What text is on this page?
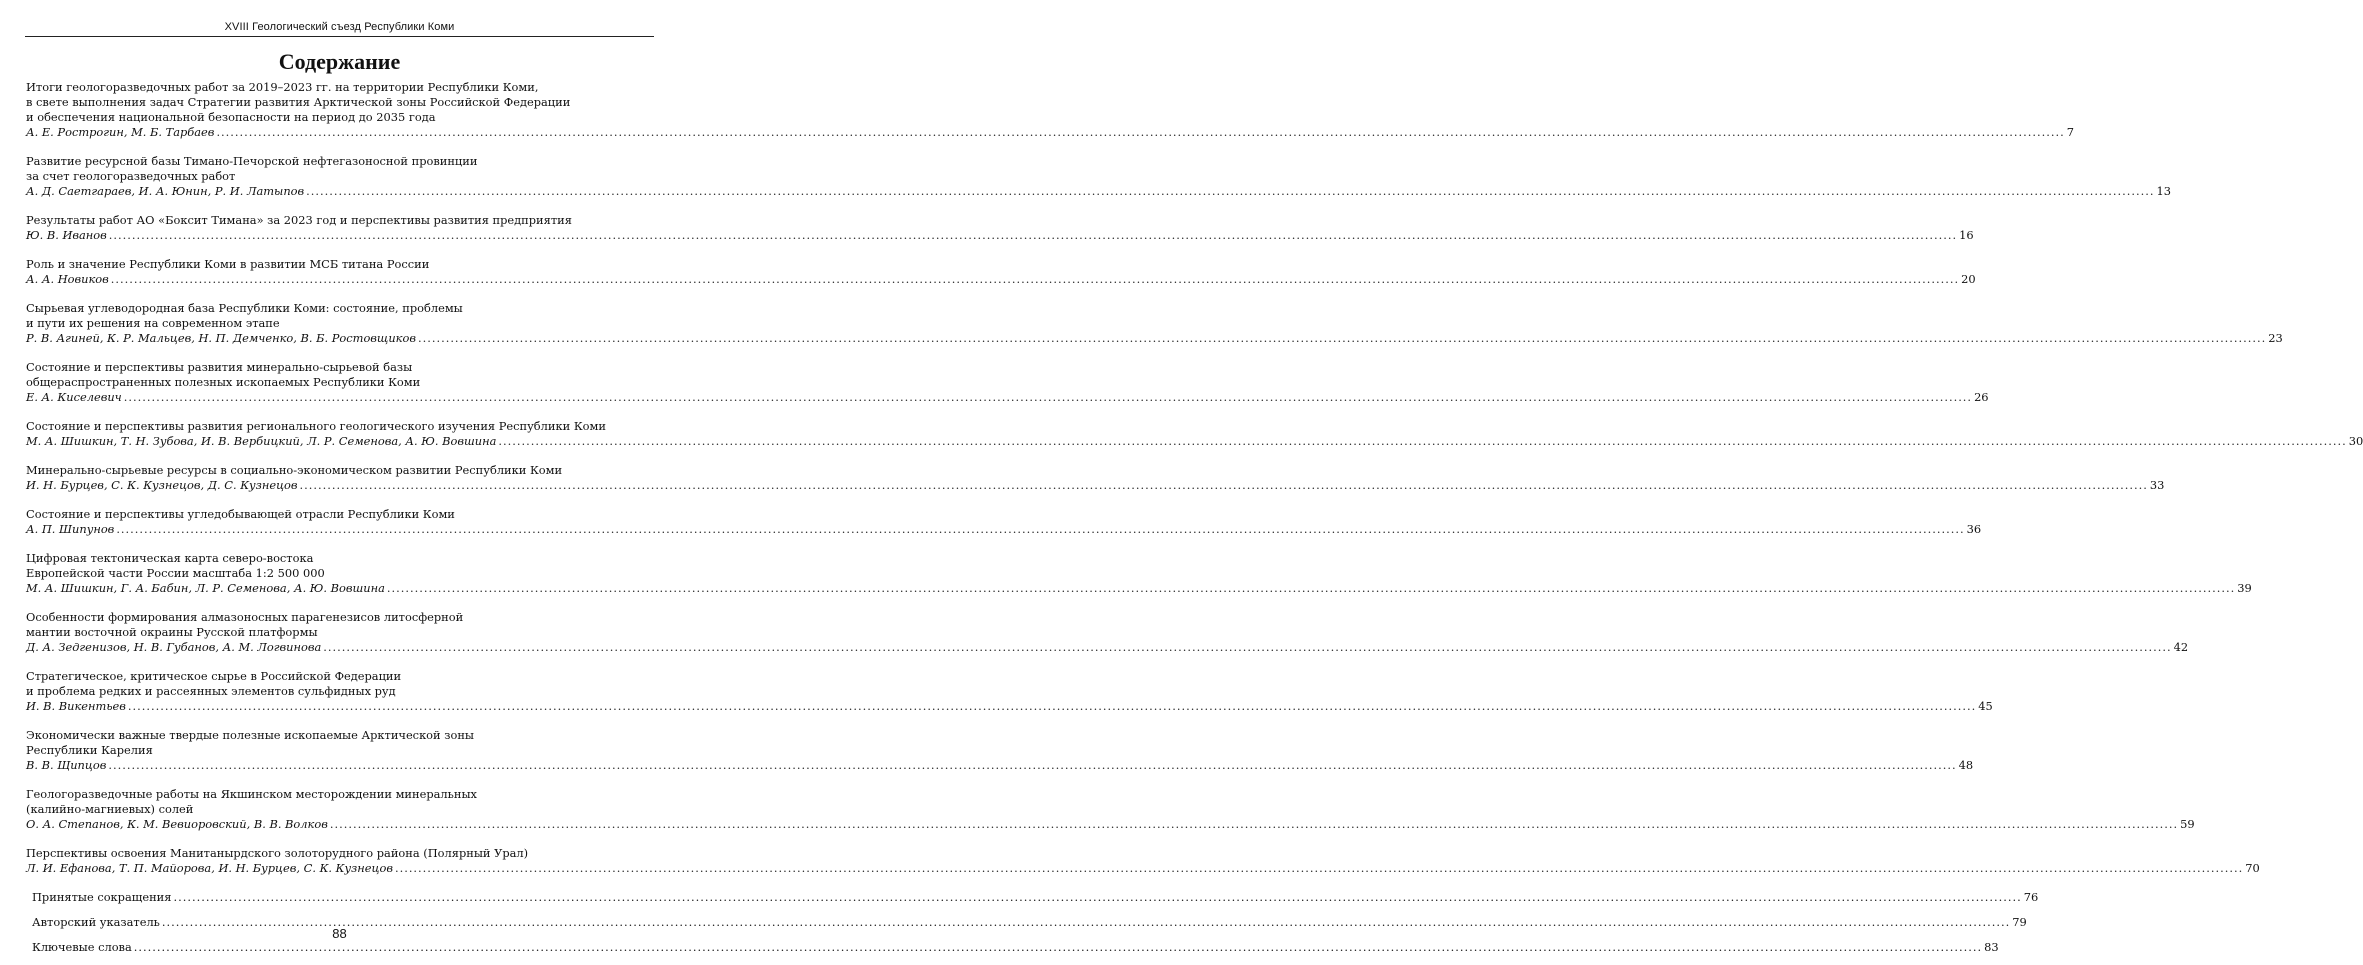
XVIII Геологический съезд Республики Коми
Содержание
Итоги геологоразведочных работ за 2019–2023 гг. на территории Республики Коми,
в свете выполнения задач Стратегии развития Арктической зоны Российской Федерации
и обеспечения национальной безопасности на период до 2035 года
А. Е. Рострогин, М. Б. Тарбаев ................................................................................................................................................................................................................................................................................................................................................................................................................ 7
Развитие ресурсной базы Тимано-Печорской нефтегазоносной провинции
за счет геологоразведочных работ
А. Д. Саетгараев, И. А. Юнин, Р. И. Латыпов ................................................................................................................................................................................................................................................................................................................................................................................................................ 13
Результаты работ АО «Боксит Тимана» за 2023 год и перспективы развития предприятия
Ю. В. Иванов ................................................................................................................................................................................................................................................................................................................................................................................................................ 16
Роль и значение Республики Коми в развитии МСБ титана России
А. А. Новиков ................................................................................................................................................................................................................................................................................................................................................................................................................ 20
Сырьевая углеводородная база Республики Коми: состояние, проблемы
и пути их решения на современном этапе
Р. В. Агиней, К. Р. Мальцев, Н. П. Демченко, В. Б. Ростовщиков ................................................................................................................................................................................................................................................................................................................................................................................................................ 23
Состояние и перспективы развития минерально-сырьевой базы
общераспространенных полезных ископаемых Республики Коми
Е. А. Киселевич ................................................................................................................................................................................................................................................................................................................................................................................................................ 26
Состояние и перспективы развития регионального геологического изучения Республики Коми
М. А. Шишкин, Т. Н. Зубова, И. В. Вербицкий, Л. Р. Семенова, А. Ю. Вовшина ................................................................................................................................................................................................................................................................................................................................................................................................................ 30
Минерально-сырьевые ресурсы в социально-экономическом развитии Республики Коми
И. Н. Бурцев, С. К. Кузнецов, Д. С. Кузнецов ................................................................................................................................................................................................................................................................................................................................................................................................................ 33
Состояние и перспективы угледобывающей отрасли Республики Коми
А. П. Шипунов ................................................................................................................................................................................................................................................................................................................................................................................................................ 36
Цифровая тектоническая карта северо-востока
Европейской части России масштаба 1:2 500 000
М. А. Шишкин, Г. А. Бабин, Л. Р. Семенова, А. Ю. Вовшина ................................................................................................................................................................................................................................................................................................................................................................................................................ 39
Особенности формирования алмазоносных парагенезисов литосферной
мантии восточной окраины Русской платформы
Д. А. Зедгенизов, Н. В. Губанов, А. М. Логвинова ................................................................................................................................................................................................................................................................................................................................................................................................................ 42
Стратегическое, критическое сырье в Российской Федерации
и проблема редких и рассеянных элементов сульфидных руд
И. В. Викентьев ................................................................................................................................................................................................................................................................................................................................................................................................................ 45
Экономически важные твердые полезные ископаемые Арктической зоны
Республики Карелия
В. В. Щипцов ................................................................................................................................................................................................................................................................................................................................................................................................................ 48
Геологоразведочные работы на Якшинском месторождении минеральных
(калийно-магниевых) солей
О. А. Степанов, К. М. Вевиоровский, В. В. Волков ................................................................................................................................................................................................................................................................................................................................................................................................................ 59
Перспективы освоения Манитанырдского золоторудного района (Полярный Урал)
Л. И. Ефанова, Т. П. Майорова, И. Н. Бурцев, С. К. Кузнецов ................................................................................................................................................................................................................................................................................................................................................................................................................ 70
Принятые сокращения ................................................................................................................................................................................................................................................................................................................................................................................................................ 76
Авторский указатель ................................................................................................................................................................................................................................................................................................................................................................................................................ 79
Ключевые слова ................................................................................................................................................................................................................................................................................................................................................................................................................ 83
88
